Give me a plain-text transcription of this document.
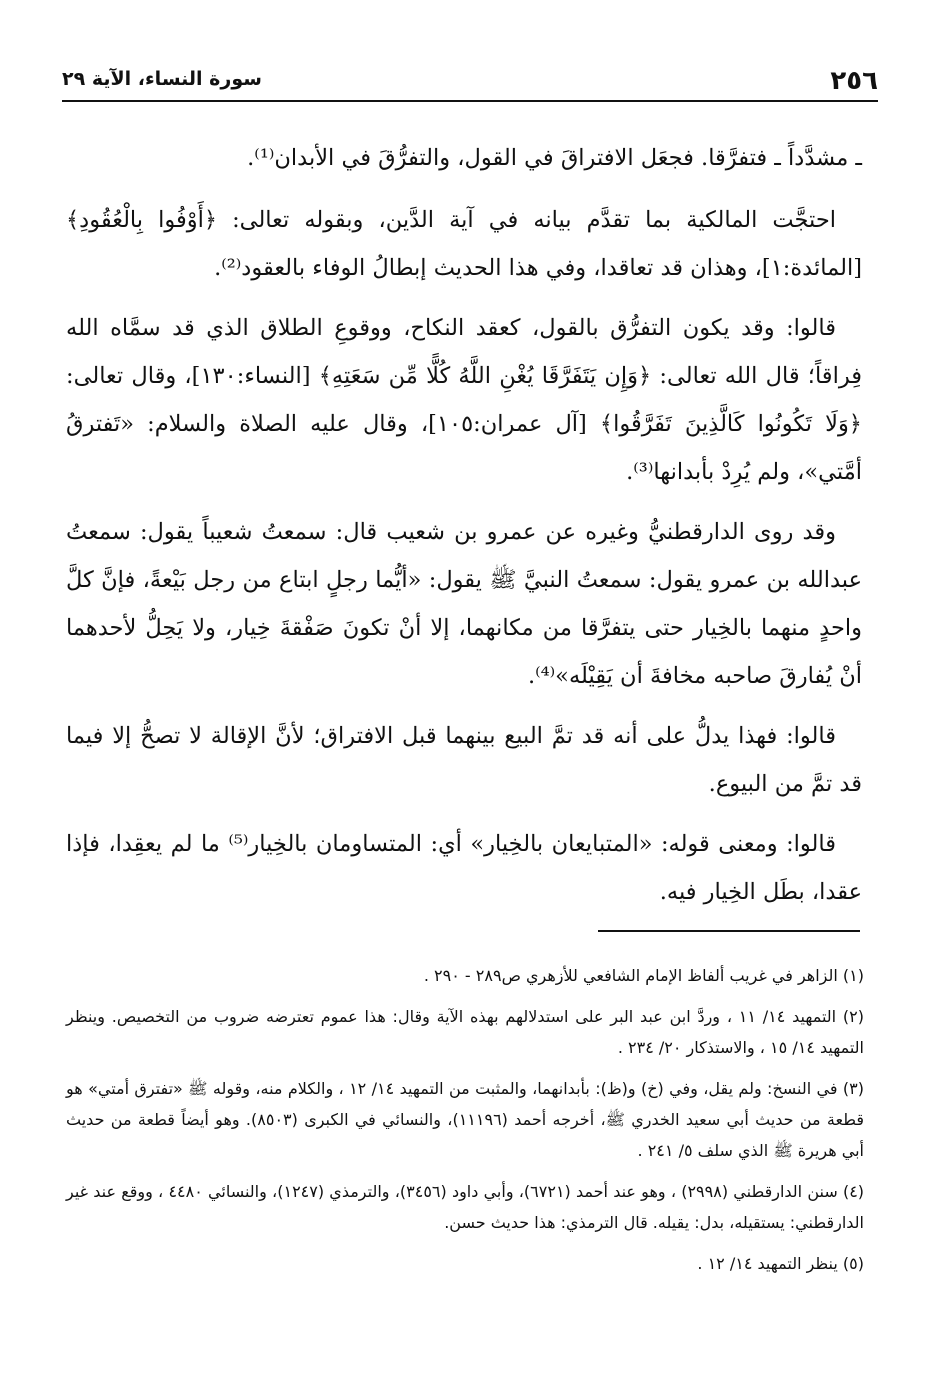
٢٥٦
سورة النساء، الآية ٢٩

ـ مشدَّداً ـ فتفرَّقا. فجعَل الافتراقَ في القول، والتفرُّقَ في الأبدان⁽¹⁾.

احتجَّت المالكية بما تقدَّم بيانه في آية الدَّين، وبقوله تعالى: ﴿أَوْفُوا بِالْعُقُودِ﴾ [المائدة:١]، وهذان قد تعاقدا، وفي هذا الحديث إبطالُ الوفاء بالعقود⁽²⁾.

قالوا: وقد يكون التفرُّق بالقول، كعقد النكاح، ووقوعِ الطلاق الذي قد سمَّاه الله فِراقاً؛ قال الله تعالى: ﴿وَإِن يَتَفَرَّقَا يُغْنِ اللَّهُ كُلًّا مِّن سَعَتِهِ﴾ [النساء:١٣٠]، وقال تعالى: ﴿وَلَا تَكُونُوا كَالَّذِينَ تَفَرَّقُوا﴾ [آل عمران:١٠٥]، وقال عليه الصلاة والسلام: «تَفترقُ أمَّتي»، ولم يُرِدْ بأبدانها⁽³⁾.

وقد روى الدارقطنيُّ وغيره عن عمرو بن شعيب قال: سمعتُ شعيباً يقول: سمعتُ عبدالله بن عمرو يقول: سمعتُ النبيَّ ﷺ يقول: «أيُّما رجلٍ ابتاع من رجل بَيْعةً، فإنَّ كلَّ واحدٍ منهما بالخِيار حتى يتفرَّقا من مكانهما، إلا أنْ تكونَ صَفْقةَ خِيار، ولا يَحِلُّ لأحدهما أنْ يُفارقَ صاحبه مخافةَ أن يَقِيْلَه»⁽⁴⁾.

قالوا: فهذا يدلُّ على أنه قد تمَّ البيع بينهما قبل الافتراق؛ لأنَّ الإقالة لا تصحُّ إلا فيما قد تمَّ من البيوع.

قالوا: ومعنى قوله: «المتبايعان بالخِيار» أي: المتساومان بالخِيار⁽⁵⁾ ما لم يعقِدا، فإذا عقدا، بطَل الخِيار فيه.

(١) الزاهر في غريب ألفاظ الإمام الشافعي للأزهري ص٢٨٩ - ٢٩٠ .

(٢) التمهيد ١٤/ ١١ ، وردَّ ابن عبد البر على استدلالهم بهذه الآية وقال: هذا عموم تعترضه ضروب من التخصيص. وينظر التمهيد ١٤/ ١٥ ، والاستذكار ٢٠/ ٢٣٤ .

(٣) في النسخ: ولم يقل، وفي (خ) و(ظ): بأبدانهما، والمثبت من التمهيد ١٤/ ١٢ ، والكلام منه، وقوله ﷺ «تفترق أمتي» هو قطعة من حديث أبي سعيد الخدري ﷺ، أخرجه أحمد (١١١٩٦)، والنسائي في الكبرى (٨٥٠٣). وهو أيضاً قطعة من حديث أبي هريرة ﷺ الذي سلف ٥/ ٢٤١ .

(٤) سنن الدارقطني (٢٩٩٨) ، وهو عند أحمد (٦٧٢١)، وأبي داود (٣٤٥٦)، والترمذي (١٢٤٧)، والنسائي ٤٤٨٠ ، ووقع عند غير الدارقطني: يستقيله، بدل: يقيله. قال الترمذي: هذا حديث حسن.

(٥) ينظر التمهيد ١٤/ ١٢ .
